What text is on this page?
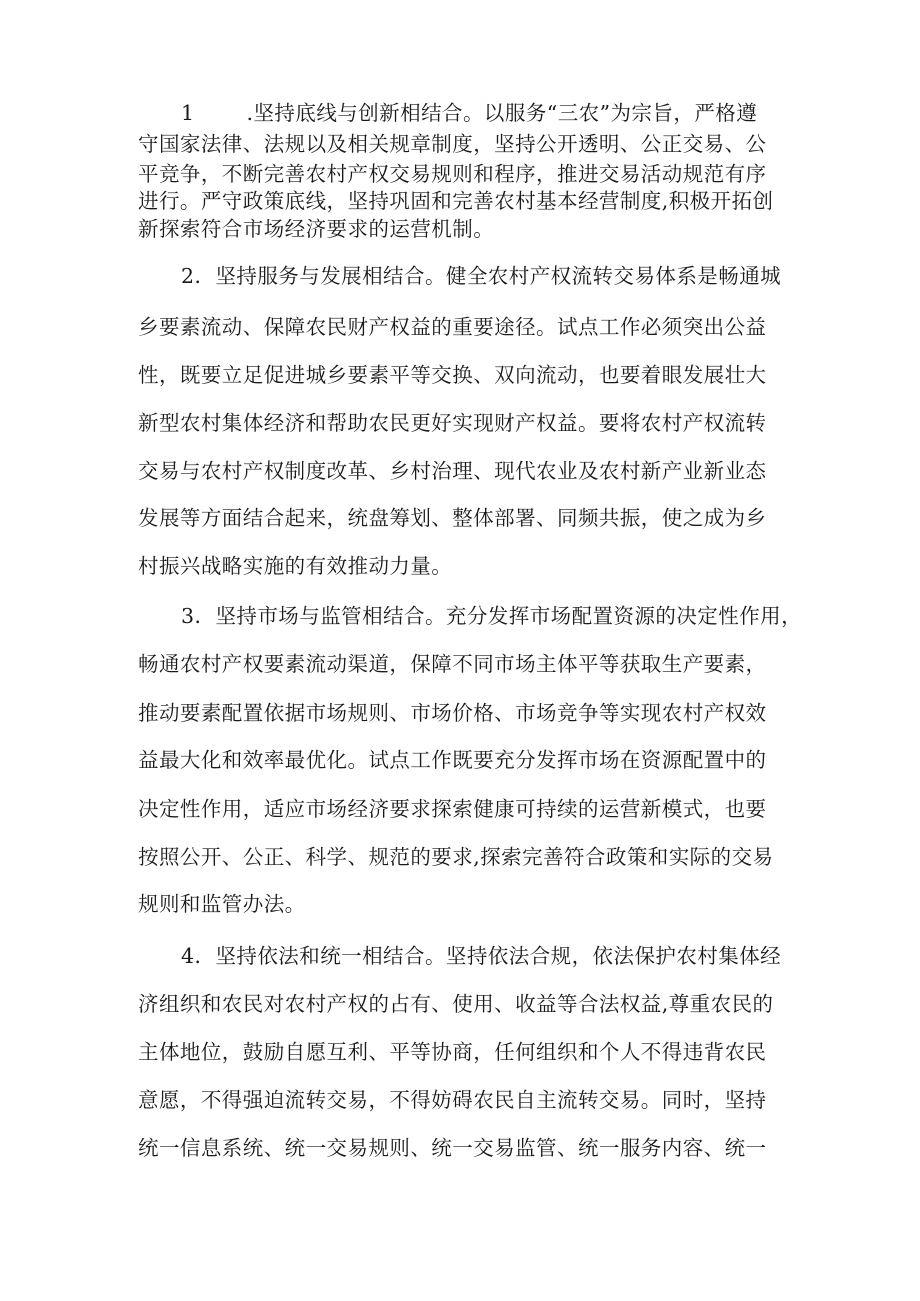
1	.坚持底线与创新相结合。以服务“三农”为宗旨，严格遵

守国家法律、法规以及相关规章制度，坚持公开透明、公正交易、公

平竞争，不断完善农村产权交易规则和程序，推进交易活动规范有序

进行。严守政策底线，坚持巩固和完善农村基本经营制度,积极开拓创

新探索符合市场经济要求的运营机制。

2．坚持服务与发展相结合。健全农村产权流转交易体系是畅通城

乡要素流动、保障农民财产权益的重要途径。试点工作必须突出公益

性，既要立足促进城乡要素平等交换、双向流动，也要着眼发展壮大

新型农村集体经济和帮助农民更好实现财产权益。要将农村产权流转

交易与农村产权制度改革、乡村治理、现代农业及农村新产业新业态

发展等方面结合起来，统盘筹划、整体部署、同频共振，使之成为乡

村振兴战略实施的有效推动力量。

3．坚持市场与监管相结合。充分发挥市场配置资源的决定性作用，

畅通农村产权要素流动渠道，保障不同市场主体平等获取生产要素，

推动要素配置依据市场规则、市场价格、市场竞争等实现农村产权效

益最大化和效率最优化。试点工作既要充分发挥市场在资源配置中的

决定性作用，适应市场经济要求探索健康可持续的运营新模式，也要

按照公开、公正、科学、规范的要求,探索完善符合政策和实际的交易

规则和监管办法。

4．坚持依法和统一相结合。坚持依法合规，依法保护农村集体经

济组织和农民对农村产权的占有、使用、收益等合法权益,尊重农民的

主体地位，鼓励自愿互利、平等协商，任何组织和个人不得违背农民

意愿，不得强迫流转交易，不得妨碍农民自主流转交易。同时，坚持

统一信息系统、统一交易规则、统一交易监管、统一服务内容、统一
